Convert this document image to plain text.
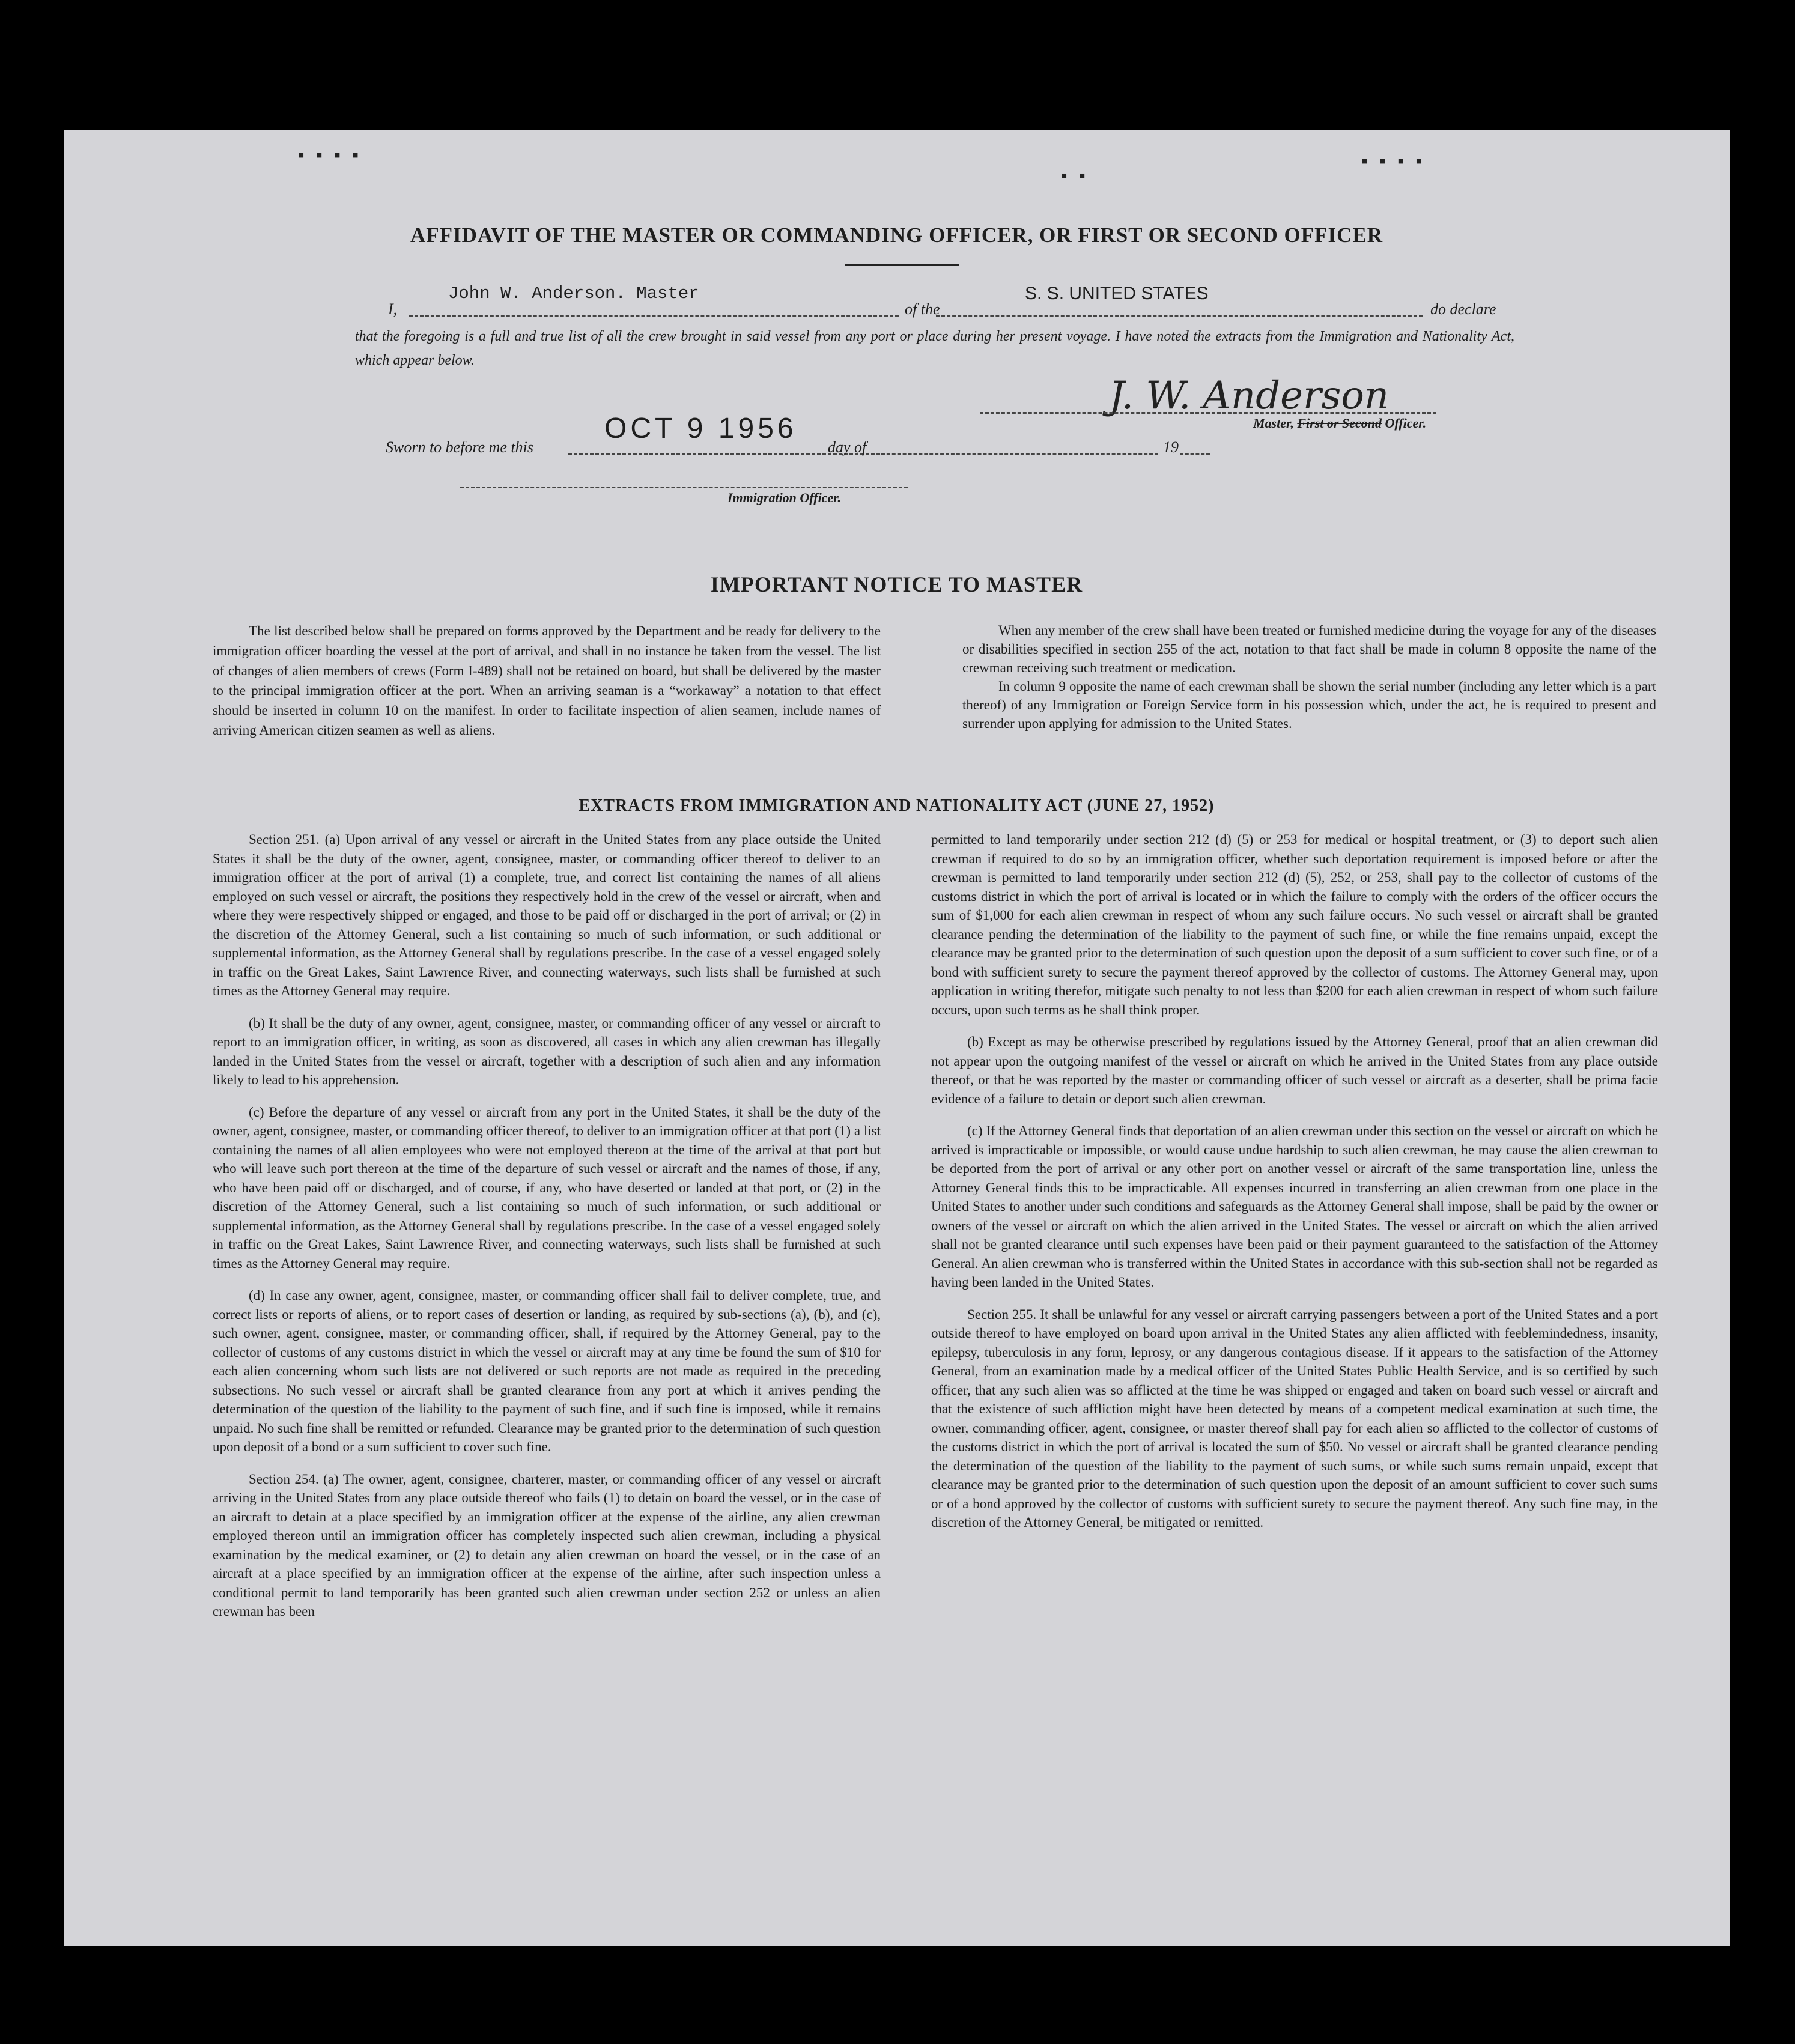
▪ ▪ ▪ ▪
▪ ▪
▪ ▪ ▪ ▪
AFFIDAVIT OF THE MASTER OR COMMANDING OFFICER, OR FIRST OR SECOND OFFICER
I,
John W. Anderson. Master
of the
S. S. UNITED STATES
do declare
that the foregoing is a full and true list of all the crew brought in said vessel from any port or place during her present voyage. I have noted the extracts from the Immigration and Nationality Act, which appear below.
J. W. Anderson
Master, First or Second Officer.
Sworn to before me this
OCT 9 1956
day of	19
Immigration Officer.
IMPORTANT NOTICE TO MASTER

The list described below shall be prepared on forms approved by the Department and be ready for delivery to the immigration officer boarding the vessel at the port of arrival, and shall in no instance be taken from the vessel. The list of changes of alien members of crews (Form I-489) shall not be retained on board, but shall be delivered by the master to the principal immigration officer at the port. When an arriving seaman is a “workaway” a notation to that effect should be inserted in column 10 on the manifest. In order to facilitate inspection of alien seamen, include names of arriving American citizen seamen as well as aliens.

When any member of the crew shall have been treated or furnished medicine during the voyage for any of the diseases or disabilities specified in section 255 of the act, notation to that fact shall be made in column 8 opposite the name of the crewman receiving such treatment or medication.

In column 9 opposite the name of each crewman shall be shown the serial number (including any letter which is a part thereof) of any Immigration or Foreign Service form in his possession which, under the act, he is required to present and surrender upon applying for admission to the United States.

EXTRACTS FROM IMMIGRATION AND NATIONALITY ACT (JUNE 27, 1952)

Section 251. (a) Upon arrival of any vessel or aircraft in the United States from any place outside the United States it shall be the duty of the owner, agent, consignee, master, or commanding officer thereof to deliver to an immigration officer at the port of arrival (1) a complete, true, and correct list containing the names of all aliens employed on such vessel or aircraft, the positions they respectively hold in the crew of the vessel or aircraft, when and where they were respectively shipped or engaged, and those to be paid off or discharged in the port of arrival; or (2) in the discretion of the Attorney General, such a list containing so much of such information, or such additional or supplemental information, as the Attorney General shall by regulations prescribe. In the case of a vessel engaged solely in traffic on the Great Lakes, Saint Lawrence River, and connecting waterways, such lists shall be furnished at such times as the Attorney General may require.

(b) It shall be the duty of any owner, agent, consignee, master, or commanding officer of any vessel or aircraft to report to an immigration officer, in writing, as soon as discovered, all cases in which any alien crewman has illegally landed in the United States from the vessel or aircraft, together with a description of such alien and any information likely to lead to his apprehension.

(c) Before the departure of any vessel or aircraft from any port in the United States, it shall be the duty of the owner, agent, consignee, master, or commanding officer thereof, to deliver to an immigration officer at that port (1) a list containing the names of all alien employees who were not employed thereon at the time of the arrival at that port but who will leave such port thereon at the time of the departure of such vessel or aircraft and the names of those, if any, who have been paid off or discharged, and of course, if any, who have deserted or landed at that port, or (2) in the discretion of the Attorney General, such a list containing so much of such information, or such additional or supplemental information, as the Attorney General shall by regulations prescribe. In the case of a vessel engaged solely in traffic on the Great Lakes, Saint Lawrence River, and connecting waterways, such lists shall be furnished at such times as the Attorney General may require.

(d) In case any owner, agent, consignee, master, or commanding officer shall fail to deliver complete, true, and correct lists or reports of aliens, or to report cases of desertion or landing, as required by sub-sections (a), (b), and (c), such owner, agent, consignee, master, or commanding officer, shall, if required by the Attorney General, pay to the collector of customs of any customs district in which the vessel or aircraft may at any time be found the sum of $10 for each alien concerning whom such lists are not delivered or such reports are not made as required in the preceding subsections. No such vessel or aircraft shall be granted clearance from any port at which it arrives pending the determination of the question of the liability to the payment of such fine, and if such fine is imposed, while it remains unpaid. No such fine shall be remitted or refunded. Clearance may be granted prior to the determination of such question upon deposit of a bond or a sum sufficient to cover such fine.

Section 254. (a) The owner, agent, consignee, charterer, master, or commanding officer of any vessel or aircraft arriving in the United States from any place outside thereof who fails (1) to detain on board the vessel, or in the case of an aircraft to detain at a place specified by an immigration officer at the expense of the airline, any alien crewman employed thereon until an immigration officer has completely inspected such alien crewman, including a physical examination by the medical examiner, or (2) to detain any alien crewman on board the vessel, or in the case of an aircraft at a place specified by an immigration officer at the expense of the airline, after such inspection unless a conditional permit to land temporarily has been granted such alien crewman under section 252 or unless an alien crewman has been

permitted to land temporarily under section 212 (d) (5) or 253 for medical or hospital treatment, or (3) to deport such alien crewman if required to do so by an immigration officer, whether such deportation requirement is imposed before or after the crewman is permitted to land temporarily under section 212 (d) (5), 252, or 253, shall pay to the collector of customs of the customs district in which the port of arrival is located or in which the failure to comply with the orders of the officer occurs the sum of $1,000 for each alien crewman in respect of whom any such failure occurs. No such vessel or aircraft shall be granted clearance pending the determination of the liability to the payment of such fine, or while the fine remains unpaid, except the clearance may be granted prior to the determination of such question upon the deposit of a sum sufficient to cover such fine, or of a bond with sufficient surety to secure the payment thereof approved by the collector of customs. The Attorney General may, upon application in writing therefor, mitigate such penalty to not less than $200 for each alien crewman in respect of whom such failure occurs, upon such terms as he shall think proper.

(b) Except as may be otherwise prescribed by regulations issued by the Attorney General, proof that an alien crewman did not appear upon the outgoing manifest of the vessel or aircraft on which he arrived in the United States from any place outside thereof, or that he was reported by the master or commanding officer of such vessel or aircraft as a deserter, shall be prima facie evidence of a failure to detain or deport such alien crewman.

(c) If the Attorney General finds that deportation of an alien crewman under this section on the vessel or aircraft on which he arrived is impracticable or impossible, or would cause undue hardship to such alien crewman, he may cause the alien crewman to be deported from the port of arrival or any other port on another vessel or aircraft of the same transportation line, unless the Attorney General finds this to be impracticable. All expenses incurred in transferring an alien crewman from one place in the United States to another under such conditions and safeguards as the Attorney General shall impose, shall be paid by the owner or owners of the vessel or aircraft on which the alien arrived in the United States. The vessel or aircraft on which the alien arrived shall not be granted clearance until such expenses have been paid or their payment guaranteed to the satisfaction of the Attorney General. An alien crewman who is transferred within the United States in accordance with this sub-section shall not be regarded as having been landed in the United States.

Section 255. It shall be unlawful for any vessel or aircraft carrying passengers between a port of the United States and a port outside thereof to have employed on board upon arrival in the United States any alien afflicted with feeblemindedness, insanity, epilepsy, tuberculosis in any form, leprosy, or any dangerous contagious disease. If it appears to the satisfaction of the Attorney General, from an examination made by a medical officer of the United States Public Health Service, and is so certified by such officer, that any such alien was so afflicted at the time he was shipped or engaged and taken on board such vessel or aircraft and that the existence of such affliction might have been detected by means of a competent medical examination at such time, the owner, commanding officer, agent, consignee, or master thereof shall pay for each alien so afflicted to the collector of customs of the customs district in which the port of arrival is located the sum of $50. No vessel or aircraft shall be granted clearance pending the determination of the question of the liability to the payment of such sums, or while such sums remain unpaid, except that clearance may be granted prior to the determination of such question upon the deposit of an amount sufficient to cover such sums or of a bond approved by the collector of customs with sufficient surety to secure the payment thereof. Any such fine may, in the discretion of the Attorney General, be mitigated or remitted.
